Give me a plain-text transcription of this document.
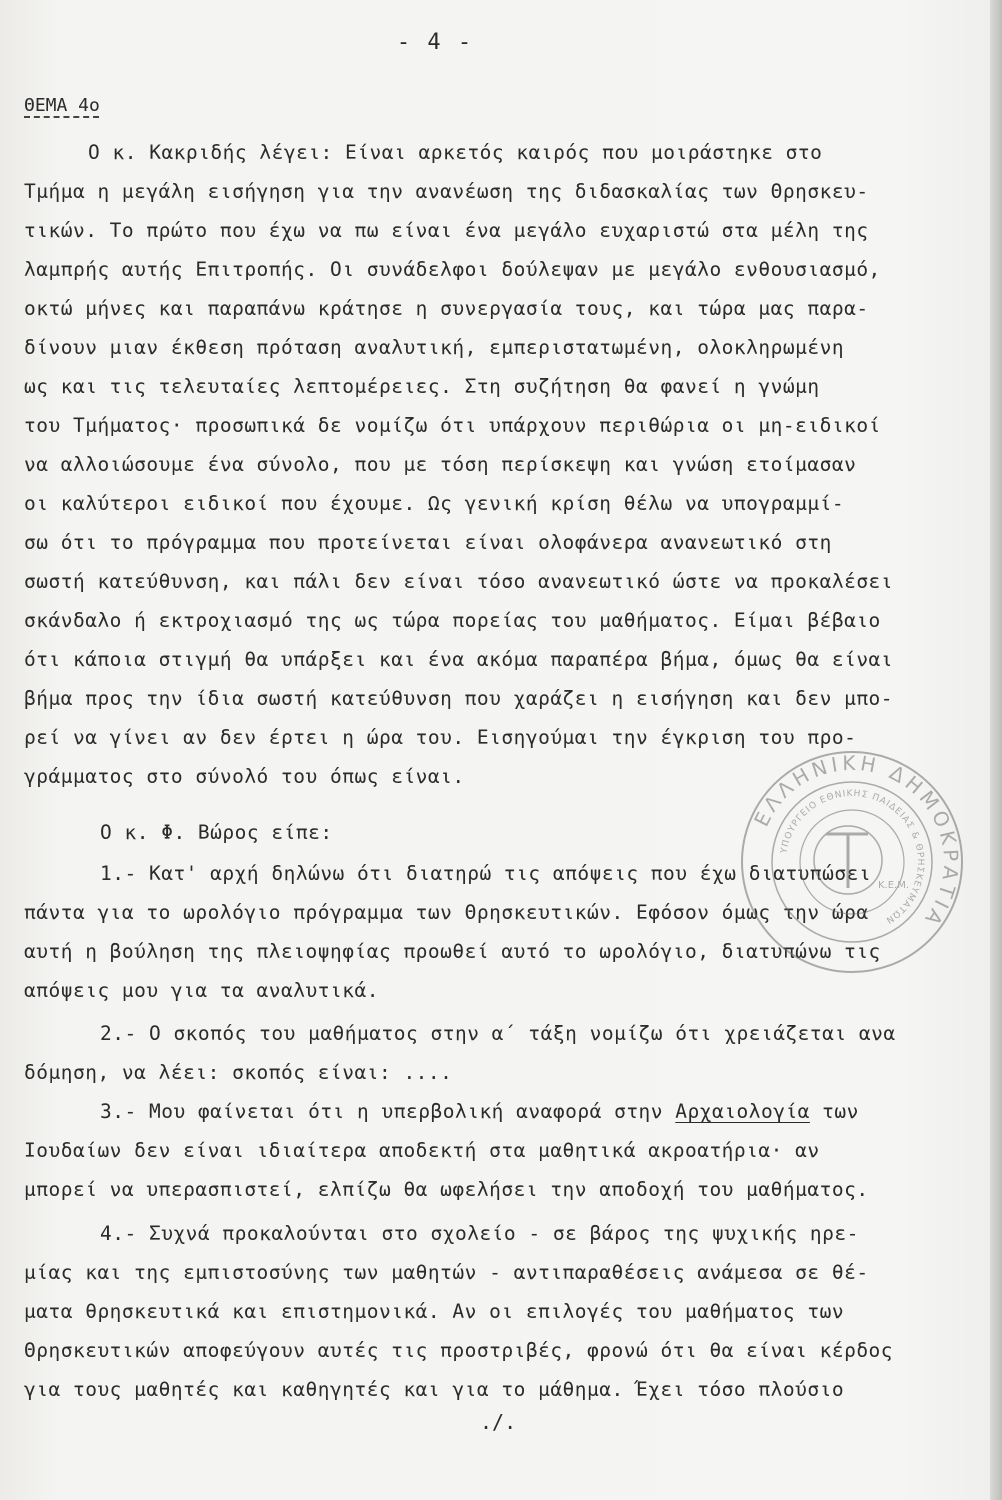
- 4 -
ΘΕΜΑ 4ο
Ο κ. Κακριδής λέγει: Είναι αρκετός καιρός που μοιράστηκε στο
Τμήμα η μεγάλη εισήγηση για την ανανέωση της διδασκαλίας των Θρησκευ-
τικών. Το πρώτο που έχω να πω είναι ένα μεγάλο ευχαριστώ στα μέλη της
λαμπρής αυτής Επιτροπής. Οι συνάδελφοι δούλεψαν με μεγάλο ενθουσιασμό,
οκτώ μήνες και παραπάνω κράτησε η συνεργασία τους, και τώρα μας παρα-
δίνουν μιαν έκθεση πρόταση αναλυτική, εμπεριστατωμένη, ολοκληρωμένη
ως και τις τελευταίες λεπτομέρειες. Στη συζήτηση θα φανεί η γνώμη
του Τμήματος· προσωπικά δε νομίζω ότι υπάρχουν περιθώρια οι μη-ειδικοί
να αλλοιώσουμε ένα σύνολο, που με τόση περίσκεψη και γνώση ετοίμασαν
οι καλύτεροι ειδικοί που έχουμε. Ως γενική κρίση θέλω να υπογραμμί-
σω ότι το πρόγραμμα που προτείνεται είναι ολοφάνερα ανανεωτικό στη
σωστή κατεύθυνση, και πάλι δεν είναι τόσο ανανεωτικό ώστε να προκαλέσει
σκάνδαλο ή εκτροχιασμό της ως τώρα πορείας του μαθήματος. Είμαι βέβαιο
ότι κάποια στιγμή θα υπάρξει και ένα ακόμα παραπέρα βήμα, όμως θα είναι
βήμα προς την ίδια σωστή κατεύθυνση που χαράζει η εισήγηση και δεν μπο-
ρεί να γίνει αν δεν έρτει η ώρα του. Εισηγούμαι την έγκριση του προ-
γράμματος στο σύνολό του όπως είναι.
Ο κ. Φ. Βώρος είπε:
1.- Κατ' αρχή δηλώνω ότι διατηρώ τις απόψεις που έχω διατυπώσει
πάντα για το ωρολόγιο πρόγραμμα των Θρησκευτικών. Εφόσον όμως την ώρα
αυτή η βούληση της πλειοψηφίας προωθεί αυτό το ωρολόγιο, διατυπώνω τις
απόψεις μου για τα αναλυτικά.
2.- Ο σκοπός του μαθήματος στην α΄ τάξη νομίζω ότι χρειάζεται ανα
δόμηση, να λέει: σκοπός είναι: ....
3.- Μου φαίνεται ότι η υπερβολική αναφορά στην Αρχαιολογία των
Ιουδαίων δεν είναι ιδιαίτερα αποδεκτή στα μαθητικά ακροατήρια· αν
μπορεί να υπερασπιστεί, ελπίζω θα ωφελήσει την αποδοχή του μαθήματος.
4.- Συχνά προκαλούνται στο σχολείο - σε βάρος της ψυχικής ηρε-
μίας και της εμπιστοσύνης των μαθητών - αντιπαραθέσεις ανάμεσα σε θέ-
ματα θρησκευτικά και επιστημονικά. Αν οι επιλογές του μαθήματος των
Θρησκευτικών αποφεύγουν αυτές τις προστριβές, φρονώ ότι θα είναι κέρδος
για τους μαθητές και καθηγητές και για το μάθημα. Έχει τόσο πλούσιο
./.
ΕΛΛΗΝΙΚΗ ΔΗΜΟΚΡΑΤΙΑ
ΥΠΟΥΡΓΕΙΟ ΕΘΝΙΚΗΣ ΠΑΙΔΕΙΑΣ & ΘΡΗΣΚΕΥΜΑΤΩΝ
Κ.Ε.Μ.
